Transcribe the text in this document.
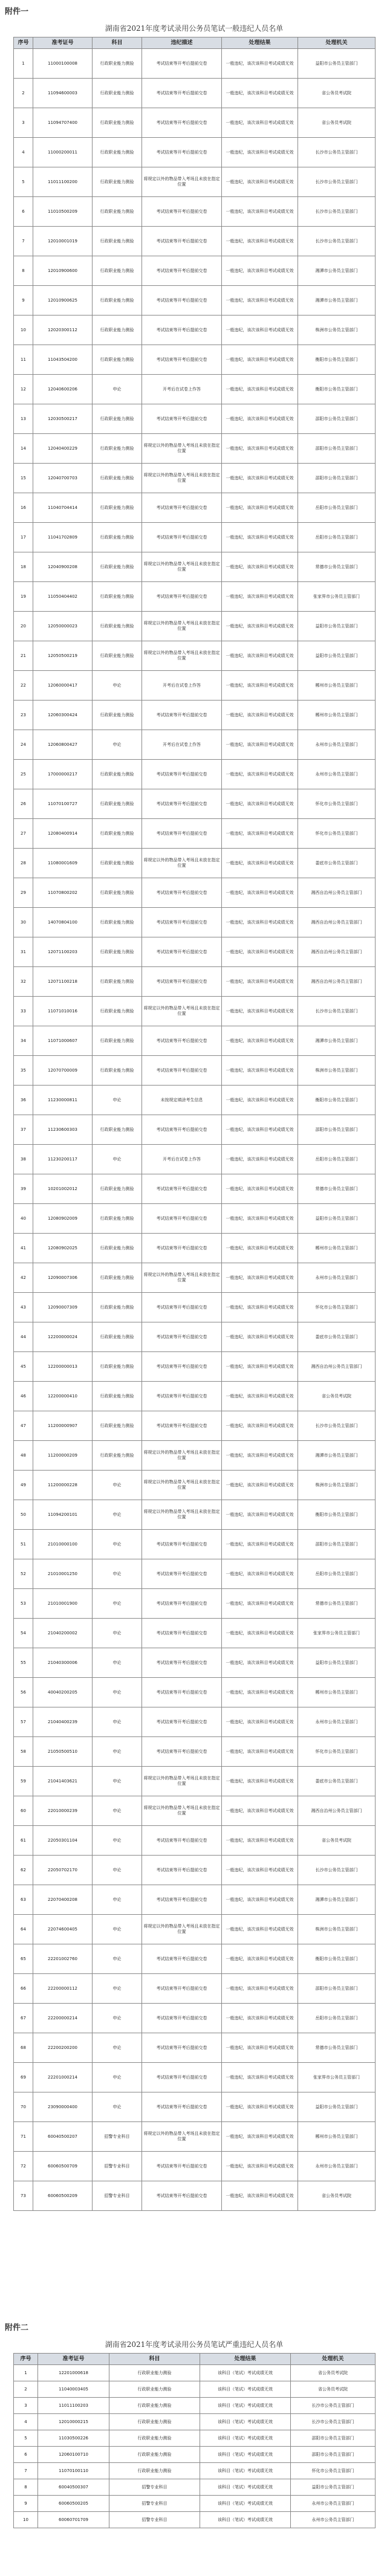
附件一

湖南省2021年度考试录用公务员笔试一般违纪人员名单

序号	准考证号	科目	违纪描述	处理结果	处理机关
1	11000100008	行政职业能力测验	考试结束等开考后提前交卷	一般违纪，该次该科目考试成绩无效	益阳市公务员主管部门
2	11094600003	行政职业能力测验	考试结束等开考后提前交卷	一般违纪，该次该科目考试成绩无效	省公务员考试院
3	11094707400	行政职业能力测验	考试结束等开考后提前交卷	一般违纪，该次该科目考试成绩无效	省公务员考试院
4	11000200011	行政职业能力测验	考试结束等开考后提前交卷	一般违纪，该次该科目考试成绩无效	长沙市公务员主管部门
5	11011100200	行政职业能力测验	将规定以外的物品带入考场且未放在指定位置	一般违纪，该次该科目考试成绩无效	长沙市公务员主管部门
6	11010500209	行政职业能力测验	考试结束等开考后提前交卷	一般违纪，该次该科目考试成绩无效	长沙市公务员主管部门
7	12010001019	行政职业能力测验	考试结束等开考后提前交卷	一般违纪，该次该科目考试成绩无效	长沙市公务员主管部门
8	12010900600	行政职业能力测验	考试结束等开考后提前交卷	一般违纪，该次该科目考试成绩无效	湘潭市公务员主管部门
9	12010900625	行政职业能力测验	考试结束等开考后提前交卷	一般违纪，该次该科目考试成绩无效	湘潭市公务员主管部门
10	12020300112	行政职业能力测验	考试结束等开考后提前交卷	一般违纪，该次该科目考试成绩无效	株洲市公务员主管部门
11	11043504200	行政职业能力测验	考试结束等开考后提前交卷	一般违纪，该次该科目考试成绩无效	衡阳市公务员主管部门
12	12040600206	申论	开考后在试卷上作答	一般违纪，该次该科目考试成绩无效	衡阳市公务员主管部门
13	12030500217	行政职业能力测验	考试结束等开考后提前交卷	一般违纪，该次该科目考试成绩无效	邵阳市公务员主管部门
14	12040400229	行政职业能力测验	将规定以外的物品带入考场且未放在指定位置	一般违纪，该次该科目考试成绩无效	邵阳市公务员主管部门
15	12040700703	行政职业能力测验	将规定以外的物品带入考场且未放在指定位置	一般违纪，该次该科目考试成绩无效	邵阳市公务员主管部门
16	11040704414	行政职业能力测验	考试结束等开考后提前交卷	一般违纪，该次该科目考试成绩无效	岳阳市公务员主管部门
17	11041702809	行政职业能力测验	考试结束等开考后提前交卷	一般违纪，该次该科目考试成绩无效	岳阳市公务员主管部门
18	12040900208	行政职业能力测验	将规定以外的物品带入考场且未放在指定位置	一般违纪，该次该科目考试成绩无效	常德市公务员主管部门
19	11050404402	行政职业能力测验	考试结束等开考后提前交卷	一般违纪，该次该科目考试成绩无效	张家界市公务员主管部门
20	12050000023	行政职业能力测验	将规定以外的物品带入考场且未放在指定位置	一般违纪，该次该科目考试成绩无效	益阳市公务员主管部门
21	12050500219	行政职业能力测验	将规定以外的物品带入考场且未放在指定位置	一般违纪，该次该科目考试成绩无效	益阳市公务员主管部门
22	12060000417	申论	开考后在试卷上作答	一般违纪，该次该科目考试成绩无效	郴州市公务员主管部门
23	12060300424	行政职业能力测验	考试结束等开考后提前交卷	一般违纪，该次该科目考试成绩无效	郴州市公务员主管部门
24	12060800427	申论	开考后在试卷上作答	一般违纪，该次该科目考试成绩无效	永州市公务员主管部门
25	17000000217	行政职业能力测验	考试结束等开考后提前交卷	一般违纪，该次该科目考试成绩无效	永州市公务员主管部门
26	11070100727	行政职业能力测验	考试结束等开考后提前交卷	一般违纪，该次该科目考试成绩无效	怀化市公务员主管部门
27	12080400914	行政职业能力测验	考试结束等开考后提前交卷	一般违纪，该次该科目考试成绩无效	怀化市公务员主管部门
28	11080001609	行政职业能力测验	将规定以外的物品带入考场且未放在指定位置	一般违纪，该次该科目考试成绩无效	娄底市公务员主管部门
29	11070800202	行政职业能力测验	考试结束等开考后提前交卷	一般违纪，该次该科目考试成绩无效	湘西自治州公务员主管部门
30	14070804100	行政职业能力测验	考试结束等开考后提前交卷	一般违纪，该次该科目考试成绩无效	湘西自治州公务员主管部门
31	12071100203	行政职业能力测验	考试结束等开考后提前交卷	一般违纪，该次该科目考试成绩无效	湘西自治州公务员主管部门
32	12071100218	行政职业能力测验	考试结束等开考后提前交卷	一般违纪，该次该科目考试成绩无效	湘西自治州公务员主管部门
33	11071010016	行政职业能力测验	将规定以外的物品带入考场且未放在指定位置	一般违纪，该次该科目考试成绩无效	长沙市公务员主管部门
34	11071000607	行政职业能力测验	考试结束等开考后提前交卷	一般违纪，该次该科目考试成绩无效	湘潭市公务员主管部门
35	12070700009	行政职业能力测验	考试结束等开考后提前交卷	一般违纪，该次该科目考试成绩无效	株洲市公务员主管部门
36	11230000811	申论	未按规定填涂考生信息	一般违纪，该次该科目考试成绩无效	衡阳市公务员主管部门
37	11230600303	行政职业能力测验	考试结束等开考后提前交卷	一般违纪，该次该科目考试成绩无效	邵阳市公务员主管部门
38	11230200117	申论	开考后在试卷上作答	一般违纪，该次该科目考试成绩无效	岳阳市公务员主管部门
39	10201002012	行政职业能力测验	考试结束等开考后提前交卷	一般违纪，该次该科目考试成绩无效	常德市公务员主管部门
40	12080902009	行政职业能力测验	考试结束等开考后提前交卷	一般违纪，该次该科目考试成绩无效	益阳市公务员主管部门
41	12080902025	行政职业能力测验	考试结束等开考后提前交卷	一般违纪，该次该科目考试成绩无效	郴州市公务员主管部门
42	12090007306	行政职业能力测验	将规定以外的物品带入考场且未放在指定位置	一般违纪，该次该科目考试成绩无效	永州市公务员主管部门
43	12090007309	行政职业能力测验	考试结束等开考后提前交卷	一般违纪，该次该科目考试成绩无效	怀化市公务员主管部门
44	12200000024	行政职业能力测验	考试结束等开考后提前交卷	一般违纪，该次该科目考试成绩无效	娄底市公务员主管部门
45	12200000013	行政职业能力测验	考试结束等开考后提前交卷	一般违纪，该次该科目考试成绩无效	湘西自治州公务员主管部门
46	12200000410	行政职业能力测验	考试结束等开考后提前交卷	一般违纪，该次该科目考试成绩无效	省公务员考试院
47	11200000907	行政职业能力测验	考试结束等开考后提前交卷	一般违纪，该次该科目考试成绩无效	长沙市公务员主管部门
48	11200000209	行政职业能力测验	将规定以外的物品带入考场且未放在指定位置	一般违纪，该次该科目考试成绩无效	湘潭市公务员主管部门
49	11200000228	申论	将规定以外的物品带入考场且未放在指定位置	一般违纪，该次该科目考试成绩无效	株洲市公务员主管部门
50	11094200101	申论	将规定以外的物品带入考场且未放在指定位置	一般违纪，该次该科目考试成绩无效	衡阳市公务员主管部门
51	21010000100	申论	考试结束等开考后提前交卷	一般违纪，该次该科目考试成绩无效	邵阳市公务员主管部门
52	21010001250	申论	考试结束等开考后提前交卷	一般违纪，该次该科目考试成绩无效	岳阳市公务员主管部门
53	21010001900	申论	考试结束等开考后提前交卷	一般违纪，该次该科目考试成绩无效	常德市公务员主管部门
54	21040200002	申论	考试结束等开考后提前交卷	一般违纪，该次该科目考试成绩无效	张家界市公务员主管部门
55	21040300006	申论	考试结束等开考后提前交卷	一般违纪，该次该科目考试成绩无效	益阳市公务员主管部门
56	40040200205	申论	考试结束等开考后提前交卷	一般违纪，该次该科目考试成绩无效	郴州市公务员主管部门
57	21040400239	申论	考试结束等开考后提前交卷	一般违纪，该次该科目考试成绩无效	永州市公务员主管部门
58	21050500510	申论	考试结束等开考后提前交卷	一般违纪，该次该科目考试成绩无效	怀化市公务员主管部门
59	21041403621	申论	将规定以外的物品带入考场且未放在指定位置	一般违纪，该次该科目考试成绩无效	娄底市公务员主管部门
60	22010000239	申论	将规定以外的物品带入考场且未放在指定位置	一般违纪，该次该科目考试成绩无效	湘西自治州公务员主管部门
61	22050301104	申论	考试结束等开考后提前交卷	一般违纪，该次该科目考试成绩无效	省公务员考试院
62	22050702170	申论	考试结束等开考后提前交卷	一般违纪，该次该科目考试成绩无效	长沙市公务员主管部门
63	22070400208	申论	考试结束等开考后提前交卷	一般违纪，该次该科目考试成绩无效	湘潭市公务员主管部门
64	22074600405	申论	将规定以外的物品带入考场且未放在指定位置	一般违纪，该次该科目考试成绩无效	株洲市公务员主管部门
65	22201002760	申论	考试结束等开考后提前交卷	一般违纪，该次该科目考试成绩无效	衡阳市公务员主管部门
66	22200000112	申论	考试结束等开考后提前交卷	一般违纪，该次该科目考试成绩无效	邵阳市公务员主管部门
67	22200000214	申论	考试结束等开考后提前交卷	一般违纪，该次该科目考试成绩无效	岳阳市公务员主管部门
68	22200200200	申论	考试结束等开考后提前交卷	一般违纪，该次该科目考试成绩无效	常德市公务员主管部门
69	22201000214	申论	考试结束等开考后提前交卷	一般违纪，该次该科目考试成绩无效	张家界市公务员主管部门
70	23090000400	申论	考试结束等开考后提前交卷	一般违纪，该次该科目考试成绩无效	益阳市公务员主管部门
71	60040500207	招警专业科目	将规定以外的物品带入考场且未放在指定位置	一般违纪，该次该科目考试成绩无效	郴州市公务员主管部门
72	60060500709	招警专业科目	考试结束等开考后提前交卷	一般违纪，该次该科目考试成绩无效	永州市公务员主管部门
73	60060500209	招警专业科目	考试结束等开考后提前交卷	一般违纪，该次该科目考试成绩无效	省公务员考试院
附件二

湖南省2021年度考试录用公务员笔试严重违纪人员名单

序号	准考证号	科目	处理结果	处理机关
1	12201000618	行政职业能力测验	该科目（笔试）考试成绩无效	省公务员考试院
2	11040003405	行政职业能力测验	该科目（笔试）考试成绩无效	省公务员考试院
3	11011100203	行政职业能力测验	该科目（笔试）考试成绩无效	长沙市公务员主管部门
4	12010000215	行政职业能力测验	该科目（笔试）考试成绩无效	长沙市公务员主管部门
5	11030500226	行政职业能力测验	该科目（笔试）考试成绩无效	邵阳市公务员主管部门
6	12060100710	行政职业能力测验	该科目（笔试）考试成绩无效	邵阳市公务员主管部门
7	11070100110	行政职业能力测验	该科目（笔试）考试成绩无效	怀化市公务员主管部门
8	60040500307	招警专业科目	该科目（笔试）考试成绩无效	益阳市公务员主管部门
9	60060500205	招警专业科目	该科目（笔试）考试成绩无效	永州市公务员主管部门
10	60060701709	招警专业科目	该科目（笔试）考试成绩无效	永州市公务员主管部门
